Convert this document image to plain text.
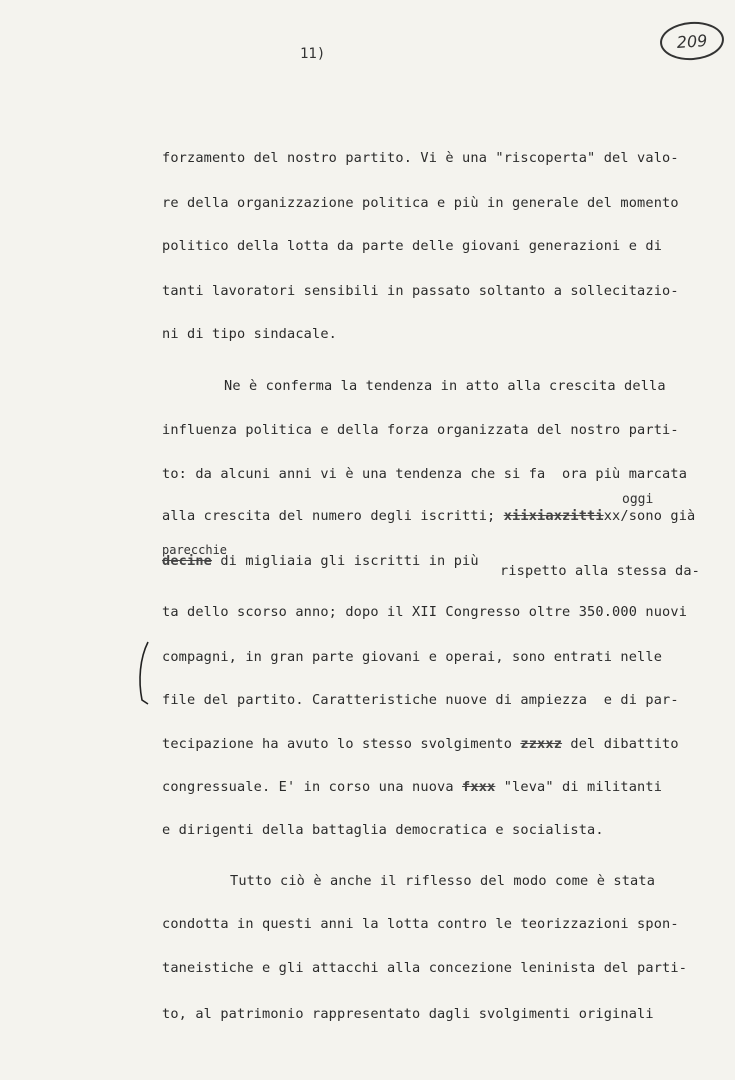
11)
209
forzamento del nostro partito. Vi è una "riscoperta" del valo-
re della organizzazione politica e più in generale del momento
politico della lotta da parte delle giovani generazioni e di
tanti lavoratori sensibili in passato soltanto a sollecitazio-
ni di tipo sindacale.
Ne è conferma la tendenza in atto alla crescita della
influenza politica e della forza organizzata del nostro parti-
to: da alcuni anni vi è una tendenza che si fa  ora più marcata
oggi
alla crescita del numero degli iscritti; xiixiaxzittixx/sono già
parecchie
decine di migliaia gli iscritti in più
rispetto alla stessa da-
ta dello scorso anno; dopo il XII Congresso oltre 350.000 nuovi
compagni, in gran parte giovani e operai, sono entrati nelle
file del partito. Caratteristiche nuove di ampiezza  e di par-
tecipazione ha avuto lo stesso svolgimento zzxxz del dibattito
congressuale. E' in corso una nuova fxxx "leva" di militanti
e dirigenti della battaglia democratica e socialista.
Tutto ciò è anche il riflesso del modo come è stata
condotta in questi anni la lotta contro le teorizzazioni spon-
taneistiche e gli attacchi alla concezione leninista del parti-
to, al patrimonio rappresentato dagli svolgimenti originali
